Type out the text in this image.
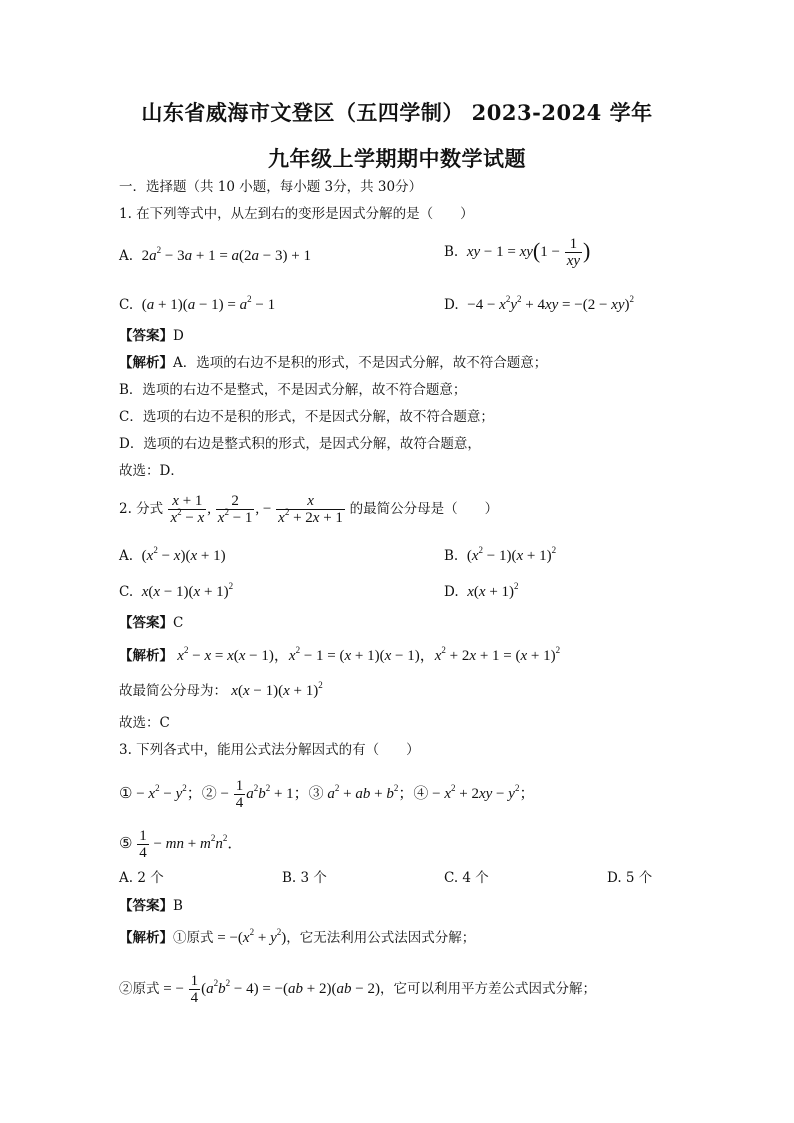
山东省威海市文登区（五四学制） 2023-2024 学年
九年级上学期期中数学试题
一．选择题（共 10 小题，每小题 3分，共 30分）
1. 在下列等式中，从左到右的变形是因式分解的是（　　）
A. $2a^2 - 3a + 1 = a(2a - 3) + 1$	B. xy − $1 = xy(1 - \frac{1}{xy}$ )
C. $(a + 1)(a - 1) = a^2 - 1$	D. $-4 - x^2y^2 + 4xy = -(2 - xy)^2$
【答案】D
【解析】A．选项的右边不是积的形式，不是因式分解，故不符合题意；
B．选项的右边不是整式，不是因式分解，故不符合题意；
C．选项的右边不是积的形式，不是因式分解，故不符合题意；
D．选项的右边是整式积的形式，是因式分解，故符合题意，
故选：D．
2. 分式 $\frac{x + 1}{x^2 - x}$ , $\frac{2}{x^2 - 1}$ , − $\frac{x}{x^2 + 2x + 1}$ 的最简公分母是（　　）
A. $(x^2 - x)(x + 1)$	B. $(x^2 - 1)(x + 1)^2$
C. $x(x - 1)(x + 1)^2$	D. $x(x + 1)^2$
【答案】C
【解析】 $x^2 - x = x(x - 1)$，$x^2 - 1 = (x + 1)(x - 1)$，$x^2 + 2x + 1 = (x + 1)^2$
故最简公分母为： $x(x - 1)(x + 1)^2$
故选：C
3. 下列各式中，能用公式法分解因式的有（　　）
① − $x^2 - y^2$；② − $\frac{1}{4} a^2b^2 + 1$；③ $a^2$ + ab + $b^2$；④ − $x^2 + 2xy - y^2$；
⑤ $\frac{1}{4}$ − mn + $m^2n^2$．
A. 2 个	B. 3 个	C. 4 个	D. 5 个
【答案】B
【解析】①原式 = $-(x^2 + y^2)$，它无法利用公式法因式分解；
②原式 = − $\frac{1}{4} (a^2b^2 - 4) = -(ab + 2)(ab - 2)$，它可以利用平方差公式因式分解；
